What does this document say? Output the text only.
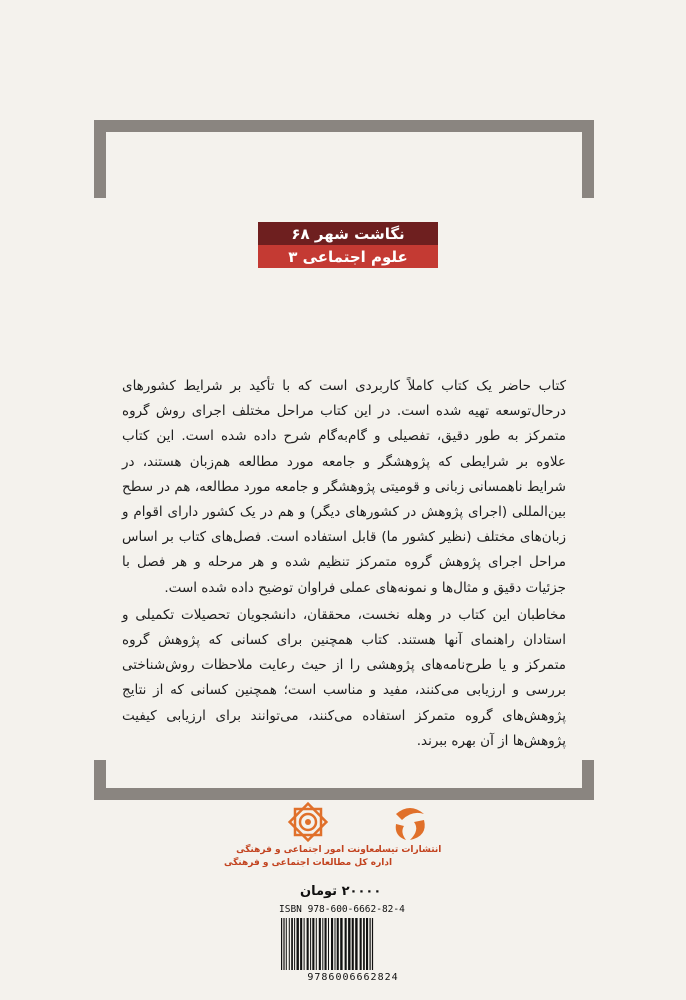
نگاشت شهر ۶۸
علوم اجتماعی ۳

کتاب حاضر یک کتاب کاملاً کاربردی است که با تأکید بر شرایط کشورهای درحال‌توسعه تهیه شده است. در این کتاب مراحل مختلف اجرای روش گروه متمرکز به طور دقیق، تفصیلی و گام‌به‌گام شرح داده شده است. این کتاب علاوه بر شرایطی که پژوهشگر و جامعه مورد مطالعه هم‌زبان هستند، در شرایط ناهمسانی زبانی و قومیتی پژوهشگر و جامعه مورد مطالعه، هم در سطح بین‌المللی (اجرای پژوهش در کشورهای دیگر) و هم در یک کشور دارای اقوام و زبان‌های مختلف (نظیر کشور ما) قابل استفاده است. فصل‌های کتاب بر اساس مراحل اجرای پژوهش گروه متمرکز تنظیم شده و هر مرحله و هر فصل با جزئیات دقیق و مثال‌ها و نمونه‌های عملی فراوان توضیح داده شده است.

مخاطبان این کتاب در وهله نخست، محققان، دانشجویان تحصیلات تکمیلی و استادان راهنمای آنها هستند. کتاب همچنین برای کسانی که پژوهش گروه متمرکز و یا طرح‌نامه‌های پژوهشی را از حیث رعایت ملاحظات روش‌شناختی بررسی و ارزیابی می‌کنند، مفید و مناسب است؛ همچنین کسانی که از نتایج پژوهش‌های گروه متمرکز استفاده می‌کنند، می‌توانند برای ارزیابی کیفیت پژوهش‌ها از آن بهره ببرند.

معاونت امور اجتماعی و فرهنگی
اداره کل مطالعات اجتماعی و فرهنگی
انتشارات تیسا
۲۰۰۰۰ تومان
ISBN 978-600-6662-82-4
9786006662824
